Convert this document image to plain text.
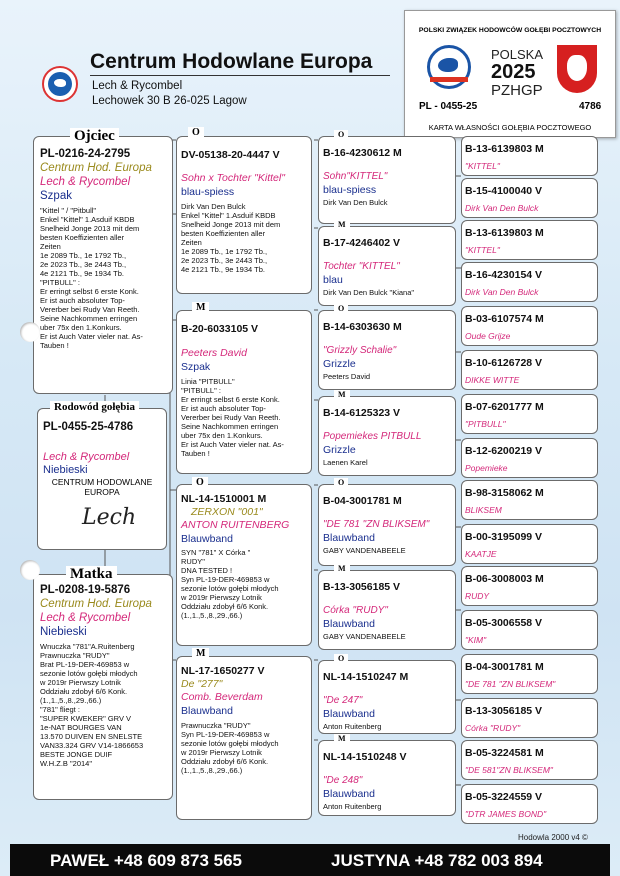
Centrum Hodowlane Europa
Lech & Rycombel
Lechowek 30 B 26-025 Lagow
POLSKI ZWIĄZEK HODOWCÓW GOŁĘBI POCZTOWYCH
POLSKA
2025
PZHGP
PL - 0455-25	4786
KARTA WŁASNOŚCI GOŁĘBIA POCZTOWEGO
PL-0216-24-2795
Centrum Hod. Europa
Lech & Rycombel
Szpak
"Kittel " / "Pitbull"
Enkel "Kittel" 1.Asduif KBDB
Snelheid Jonge 2013 mit dem
besten Koeffizienten aller
Zeiten
1e 2089 Tb., 1e 1792 Tb.,
2e 2023 Tb., 3e 2443 Tb.,
4e 2121 Tb., 9e 1934 Tb.
"PITBULL" :
Er erringt selbst 6 erste Konk.
Er ist auch absoluter Top-
Vererber bei Rudy Van Reeth.
Seine Nachkommen erringen
uber 75x den 1.Konkurs.
Er ist Auch Vater vieler nat. As-
Tauben !
Ojciec
PL-0455-25-4786
Lech & Rycombel
Niebieski
CENTRUM HODOWLANE
EUROPA
Lech
Rodowód gołębia
PL-0208-19-5876
Centrum Hod. Europa
Lech & Rycombel
Niebieski
Wnuczka "781"A.Ruitenberg
Prawnuczka "RUDY"
Brat PL-19-DER-469853 w
sezonie lotów gołębi młodych
w 2019r Pierwszy Lotnik
Oddziału zdobył 6/6 Konk.
(1.,1.,5.,8.,29.,66.)
"781" fliegt :
"SUPER KWEKER" GRV V
1e-NAT BOURGES VAN
13.570 DUIVEN EN SNELSTE
VAN33.324 GRV V14-1866653
BESTE JONGE DUIF
W.H.Z.B "2014"
Matka
DV-05138-20-4447 V
Sohn x Tochter "Kittel"
blau-spiess
Dirk Van Den Bulck
Enkel "Kittel" 1.Asduif KBDB
Snelheid Jonge 2013 mit dem
besten Koeffizienten aller
Zeiten
1e 2089 Tb., 1e 1792 Tb.,
2e 2023 Tb., 3e 2443 Tb.,
4e 2121 Tb., 9e 1934 Tb.
O
B-20-6033105 V
Peeters David
Szpak
Linia "PITBULL"
"PITBULL" :
Er erringt selbst 6 erste Konk.
Er ist auch absoluter Top-
Vererber bei Rudy Van Reeth.
Seine Nachkommen erringen
uber 75x den 1.Konkurs.
Er ist Auch Vater vieler nat. As-
Tauben !
M
NL-14-1510001 M
ZERXON "001"
ANTON RUITENBERG
Blauwband
SYN "781" X Córka "
RUDY"
DNA TESTED !
Syn PL-19-DER-469853 w
sezonie lotów gołębi młodych
w 2019r Pierwszy Lotnik
Oddziału zdobył 6/6 Konk.
(1.,1.,5.,8.,29.,66.)
O
NL-17-1650277 V
De "277"
Comb. Beverdam
Blauwband
Prawnuczka "RUDY"
Syn PL-19-DER-469853 w
sezonie lotów gołębi młodych
w 2019r Pierwszy Lotnik
Oddziału zdobył 6/6 Konk.
(1.,1.,5.,8.,29.,66.)
M
B-16-4230612 M
Sohn"KITTEL"
blau-spiess
Dirk Van Den Bulck
O
B-17-4246402 V
Tochter "KITTEL"
blau
Dirk Van Den Bulck "Kiana"
M
B-14-6303630 M
"Grizzly Schalie"
Grizzle
Peeters David
O
B-14-6125323 V
Popemiekes PITBULL
Grizzle
Laenen Karel
M
B-04-3001781 M
"DE 781 "ZN BLIKSEM"
Blauwband
GABY VANDENABEELE
O
B-13-3056185 V
Córka "RUDY"
Blauwband
GABY VANDENABEELE
M
NL-14-1510247 M
"De 247"
Blauwband
Anton Ruitenberg
O
NL-14-1510248 V
"De 248"
Blauwband
Anton Ruitenberg
M
B-13-6139803 M
"KITTEL"
B-15-4100040 V
Dirk Van Den Bulck
B-13-6139803 M
"KITTEL"
B-16-4230154 V
Dirk Van Den Bulck
B-03-6107574 M
Oude Grijze
B-10-6126728 V
DIKKE WITTE
B-07-6201777 M
"PITBULL"
B-12-6200219 V
Popemieke
B-98-3158062 M
BLIKSEM
B-00-3195099 V
KAATJE
B-06-3008003 M
RUDY
B-05-3006558 V
"KIM"
B-04-3001781 M
"DE 781 "ZN BLIKSEM"
B-13-3056185 V
Córka "RUDY"
B-05-3224581 M
"DE 581"ZN BLIKSEM"
B-05-3224559 V
"DTR JAMES BOND"
Hodowla 2000 v4 ©
PAWEŁ +48 609 873 565	JUSTYNA +48 782 003 894
